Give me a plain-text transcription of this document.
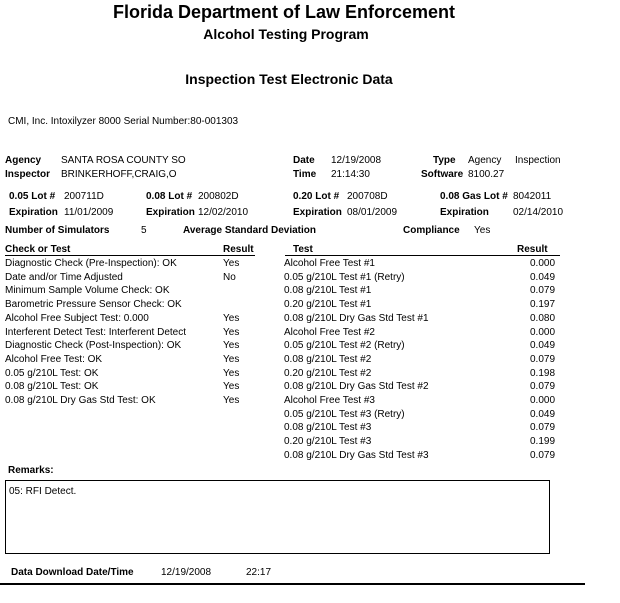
Florida Department of Law Enforcement
Alcohol Testing Program
Inspection Test Electronic Data
CMI, Inc. Intoxilyzer 8000 Serial Number:80-001303
Agency SANTA ROSA COUNTY SO
Inspector BRINKERHOFF,CRAIG,O
Date 12/19/2008
Time 21:14:30
Type Agency Inspection
Software 8100.27
0.05 Lot # 200711D	0.08 Lot # 200802D	0.20 Lot # 200708D	0.08 Gas Lot # 8042011
Expiration 11/01/2009	Expiration 12/02/2010	Expiration 08/01/2009	Expiration 02/14/2010
Number of Simulators	5	Average Standard Deviation	Compliance Yes
Check or Test	Result	Test	Result
Diagnostic Check (Pre-Inspection): OK	Yes
Date and/or Time Adjusted	No
Minimum Sample Volume Check: OK
Barometric Pressure Sensor Check: OK
Alcohol Free Subject Test: 0.000	Yes
Interferent Detect Test: Interferent Detect	Yes
Diagnostic Check (Post-Inspection): OK	Yes
Alcohol Free Test: OK	Yes
0.05 g/210L Test: OK	Yes
0.08 g/210L Test: OK	Yes
0.08 g/210L Dry Gas Std Test: OK	Yes
Alcohol Free Test #1	0.000
0.05 g/210L Test #1 (Retry)	0.049
0.08 g/210L Test #1	0.079
0.20 g/210L Test #1	0.197
0.08 g/210L Dry Gas Std Test #1	0.080
Alcohol Free Test #2	0.000
0.05 g/210L Test #2 (Retry)	0.049
0.08 g/210L Test #2	0.079
0.20 g/210L Test #2	0.198
0.08 g/210L Dry Gas Std Test #2	0.079
Alcohol Free Test #3	0.000
0.05 g/210L Test #3 (Retry)	0.049
0.08 g/210L Test #3	0.079
0.20 g/210L Test #3	0.199
0.08 g/210L Dry Gas Std Test #3	0.079
Remarks:
05: RFI Detect.
Data Download Date/Time	12/19/2008	22:17
